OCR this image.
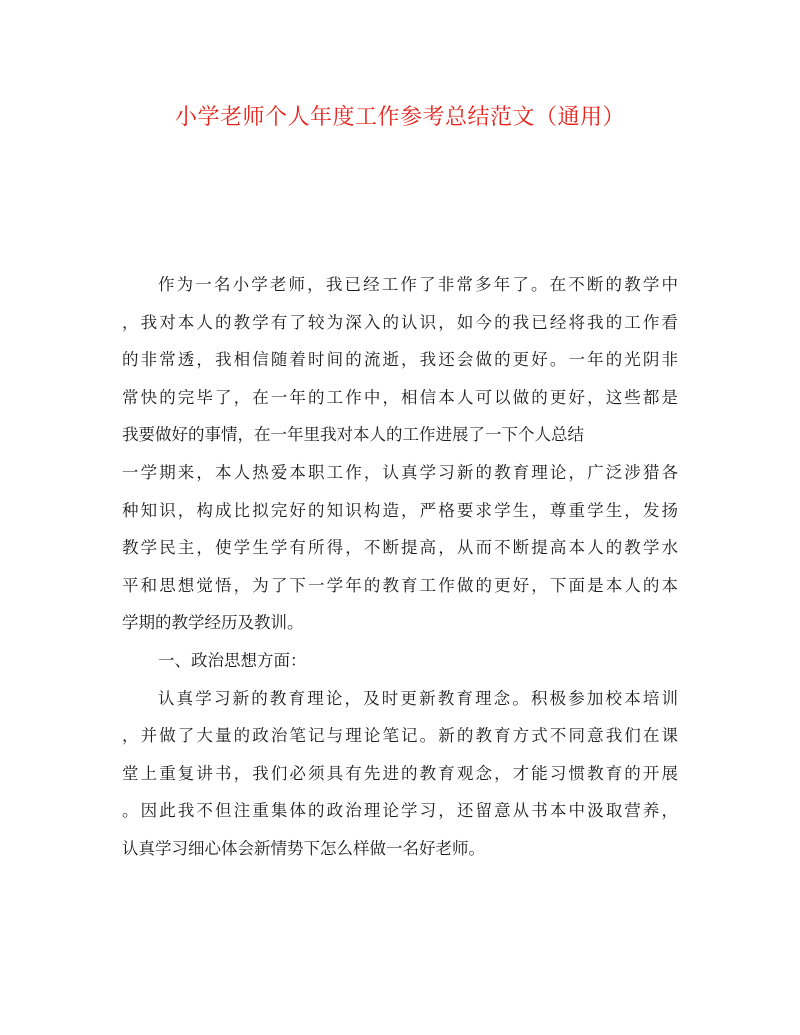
小学老师个人年度工作参考总结范文（通用）
作为一名小学老师，我已经工作了非常多年了。在不断的教学中
，我对本人的教学有了较为深入的认识，如今的我已经将我的工作看
的非常透，我相信随着时间的流逝，我还会做的更好。一年的光阴非
常快的完毕了，在一年的工作中，相信本人可以做的更好，这些都是
我要做好的事情，在一年里我对本人的工作进展了一下个人总结
一学期来，本人热爱本职工作，认真学习新的教育理论，广泛涉猎各
种知识，构成比拟完好的知识构造，严格要求学生，尊重学生，发扬
教学民主，使学生学有所得，不断提高，从而不断提高本人的教学水
平和思想觉悟，为了下一学年的教育工作做的更好，下面是本人的本
学期的教学经历及教训。
一、政治思想方面：
认真学习新的教育理论，及时更新教育理念。积极参加校本培训
，并做了大量的政治笔记与理论笔记。新的教育方式不同意我们在课
堂上重复讲书，我们必须具有先进的教育观念，才能习惯教育的开展
。因此我不但注重集体的政治理论学习，还留意从书本中汲取营养，
认真学习细心体会新情势下怎么样做一名好老师。
